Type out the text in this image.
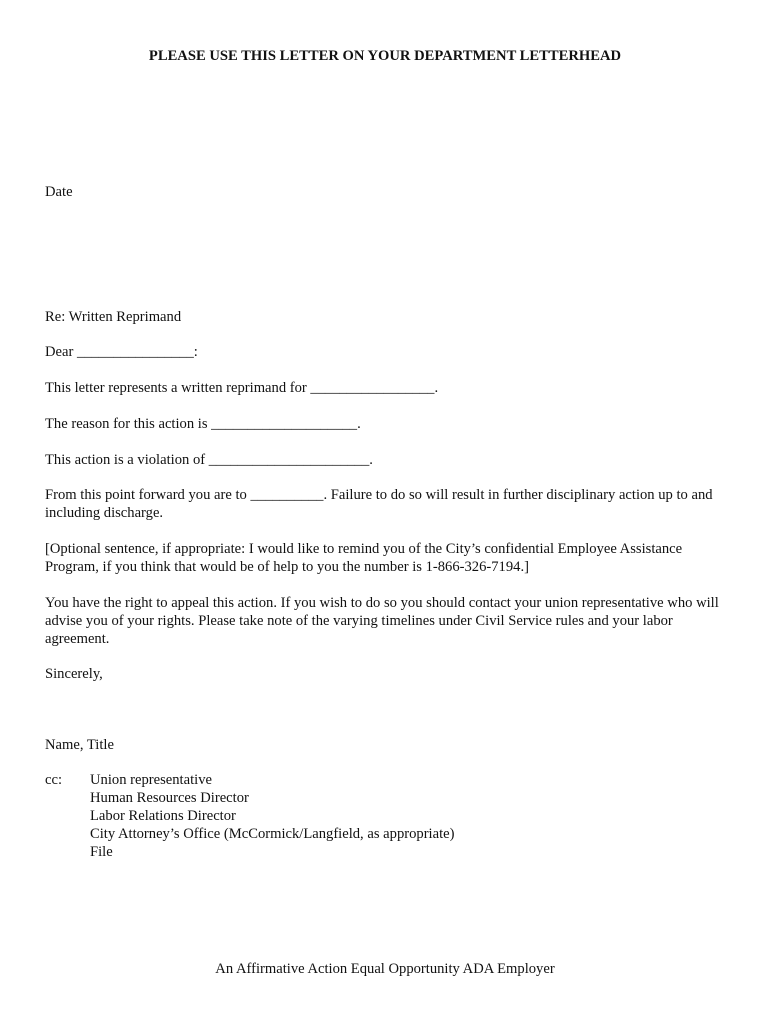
PLEASE USE THIS LETTER ON YOUR DEPARTMENT LETTERHEAD
Date
Re: Written Reprimand
Dear ________________:
This letter represents a written reprimand for _________________.
The reason for this action is ____________________.
This action is a violation of ______________________.
From this point forward you are to __________. Failure to do so will result in further disciplinary action up to and including discharge.
[Optional sentence, if appropriate: I would like to remind you of the City’s confidential Employee Assistance Program, if you think that would be of help to you the number is 1-866-326-7194.]
You have the right to appeal this action. If you wish to do so you should contact your union representative who will advise you of your rights. Please take note of the varying timelines under Civil Service rules and your labor agreement.
Sincerely,
Name, Title
cc: Union representative
Human Resources Director
Labor Relations Director
City Attorney’s Office (McCormick/Langfield, as appropriate)
File
An Affirmative Action Equal Opportunity ADA Employer
